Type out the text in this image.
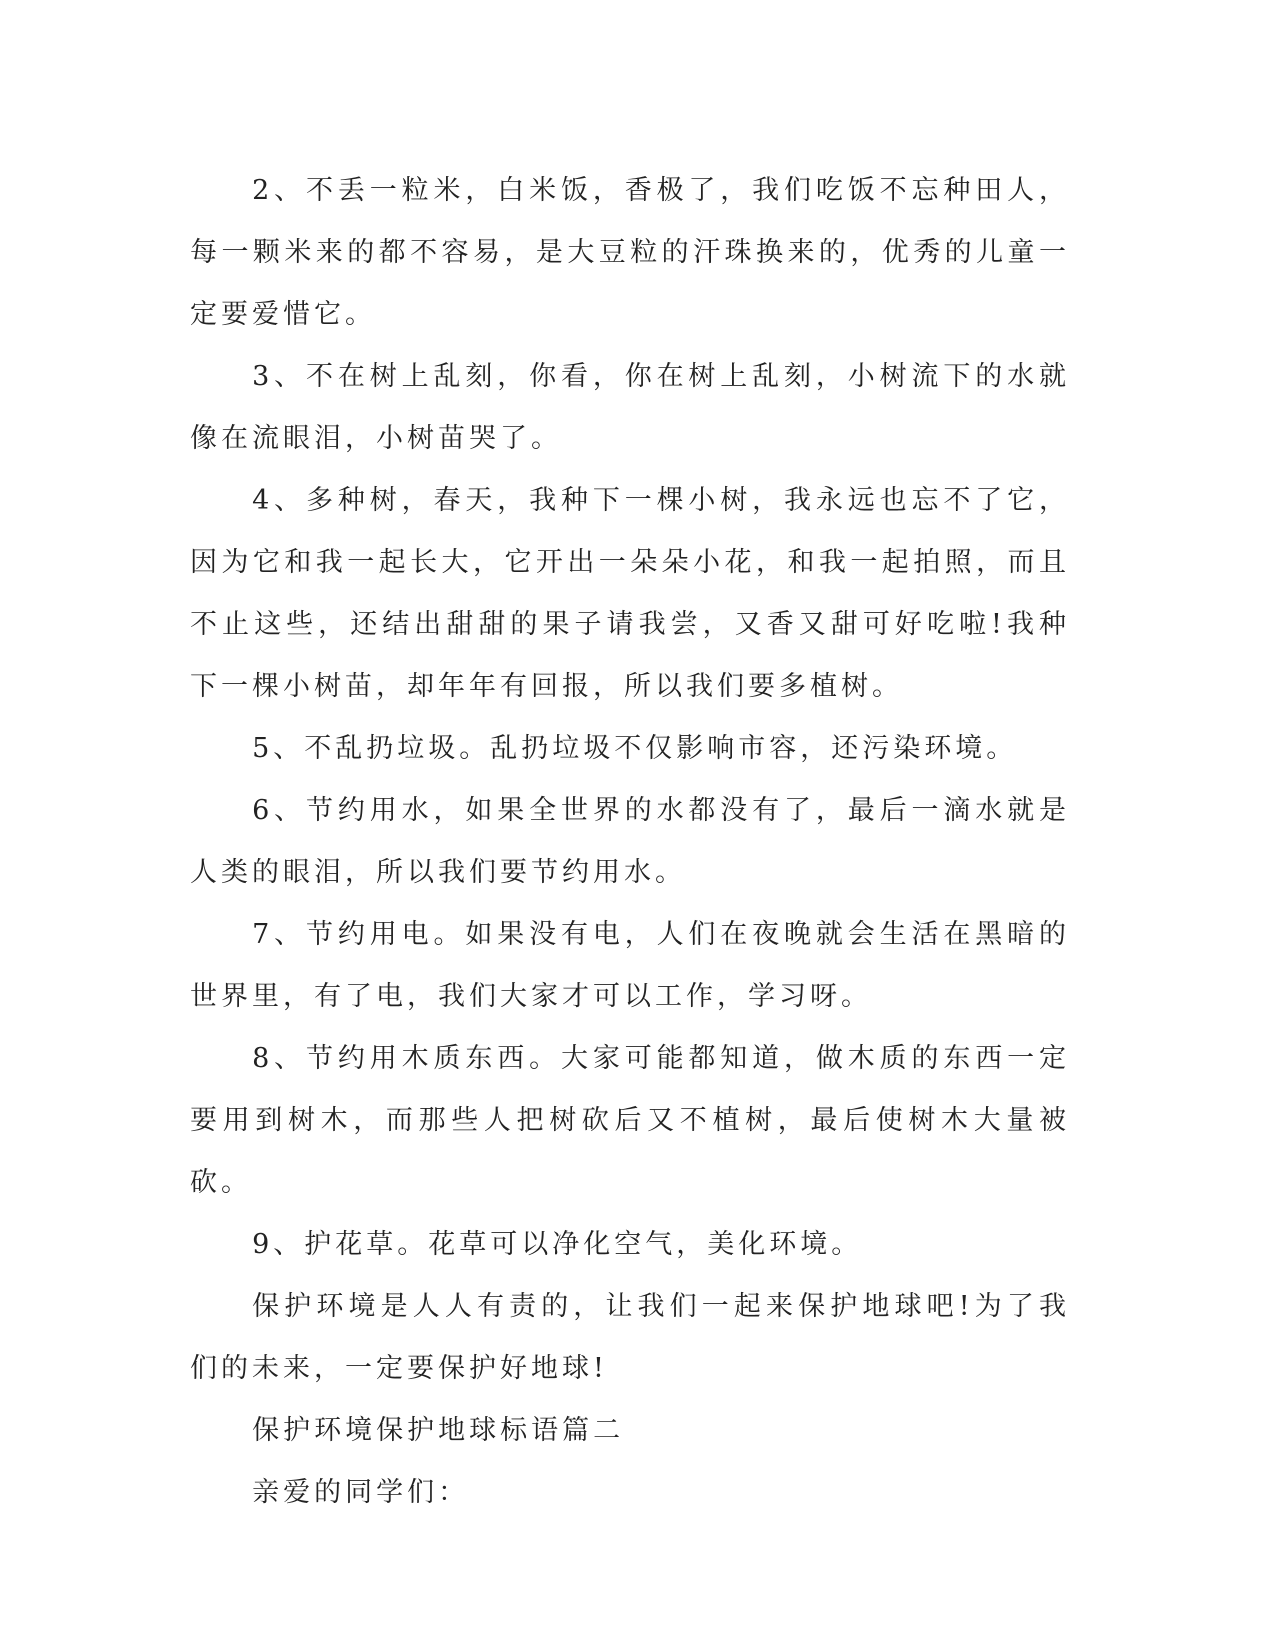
2、不丢一粒米，白米饭，香极了，我们吃饭不忘种田人，每一颗米来的都不容易，是大豆粒的汗珠换来的，优秀的儿童一定要爱惜它。

3、不在树上乱刻，你看，你在树上乱刻，小树流下的水就像在流眼泪，小树苗哭了。

4、多种树，春天，我种下一棵小树，我永远也忘不了它，因为它和我一起长大，它开出一朵朵小花，和我一起拍照，而且不止这些，还结出甜甜的果子请我尝，又香又甜可好吃啦!我种下一棵小树苗，却年年有回报，所以我们要多植树。

5、不乱扔垃圾。乱扔垃圾不仅影响市容，还污染环境。

6、节约用水，如果全世界的水都没有了，最后一滴水就是人类的眼泪，所以我们要节约用水。

7、节约用电。如果没有电，人们在夜晚就会生活在黑暗的世界里，有了电，我们大家才可以工作，学习呀。

8、节约用木质东西。大家可能都知道，做木质的东西一定要用到树木，而那些人把树砍后又不植树，最后使树木大量被砍。

9、护花草。花草可以净化空气，美化环境。

保护环境是人人有责的，让我们一起来保护地球吧!为了我们的未来，一定要保护好地球!

保护环境保护地球标语篇二

亲爱的同学们：
